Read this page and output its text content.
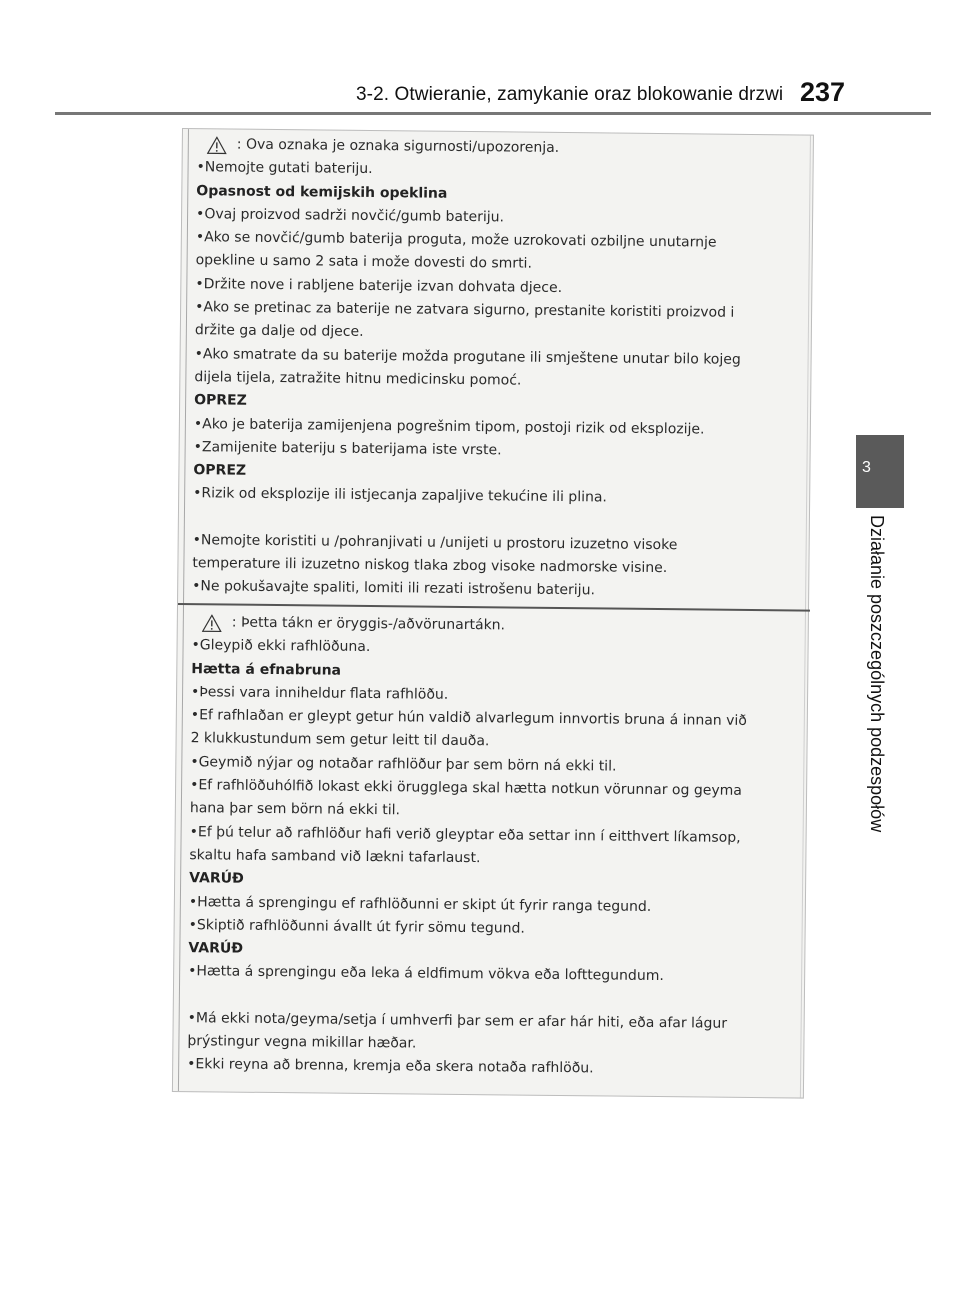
3-2. Otwieranie, zamykanie oraz blokowanie drzwi 237
3
Działanie poszczególnych podzespołów
: Ova oznaka je oznaka sigurnosti/upozorenja.
•Nemojte gutati bateriju.
Opasnost od kemijskih opeklina
•Ovaj proizvod sadrži novčić/gumb bateriju.
•Ako se novčić/gumb baterija proguta, može uzrokovati ozbiljne unutarnje
opekline u samo 2 sata i može dovesti do smrti.
•Držite nove i rabljene baterije izvan dohvata djece.
•Ako se pretinac za baterije ne zatvara sigurno, prestanite koristiti proizvod i
držite ga dalje od djece.
•Ako smatrate da su baterije možda progutane ili smještene unutar bilo kojeg
dijela tijela, zatražite hitnu medicinsku pomoć.
OPREZ
•Ako je baterija zamijenjena pogrešnim tipom, postoji rizik od eksplozije.
•Zamijenite bateriju s baterijama iste vrste.
OPREZ
•Rizik od eksplozije ili istjecanja zapaljive tekućine ili plina.
•Nemojte koristiti u /pohranjivati u /unijeti u prostoru izuzetno visoke
temperature ili izuzetno niskog tlaka zbog visoke nadmorske visine.
•Ne pokušavajte spaliti, lomiti ili rezati istrošenu bateriju.
: Þetta tákn er öryggis-/aðvörunartákn.
•Gleypið ekki rafhlöðuna.
Hætta á efnabruna
•Þessi vara inniheldur flata rafhlöðu.
•Ef rafhlaðan er gleypt getur hún valdið alvarlegum innvortis bruna á innan við
2 klukkustundum sem getur leitt til dauða.
•Geymið nýjar og notaðar rafhlöður þar sem börn ná ekki til.
•Ef rafhlöðuhólfið lokast ekki örugglega skal hætta notkun vörunnar og geyma
hana þar sem börn ná ekki til.
•Ef þú telur að rafhlöður hafi verið gleyptar eða settar inn í eitthvert líkamsop,
skaltu hafa samband við lækni tafarlaust.
VARÚÐ
•Hætta á sprengingu ef rafhlöðunni er skipt út fyrir ranga tegund.
•Skiptið rafhlöðunni ávallt út fyrir sömu tegund.
VARÚÐ
•Hætta á sprengingu eða leka á eldfimum vökva eða lofttegundum.
•Má ekki nota/geyma/setja í umhverfi þar sem er afar hár hiti, eða afar lágur
þrýstingur vegna mikillar hæðar.
•Ekki reyna að brenna, kremja eða skera notaða rafhlöðu.
